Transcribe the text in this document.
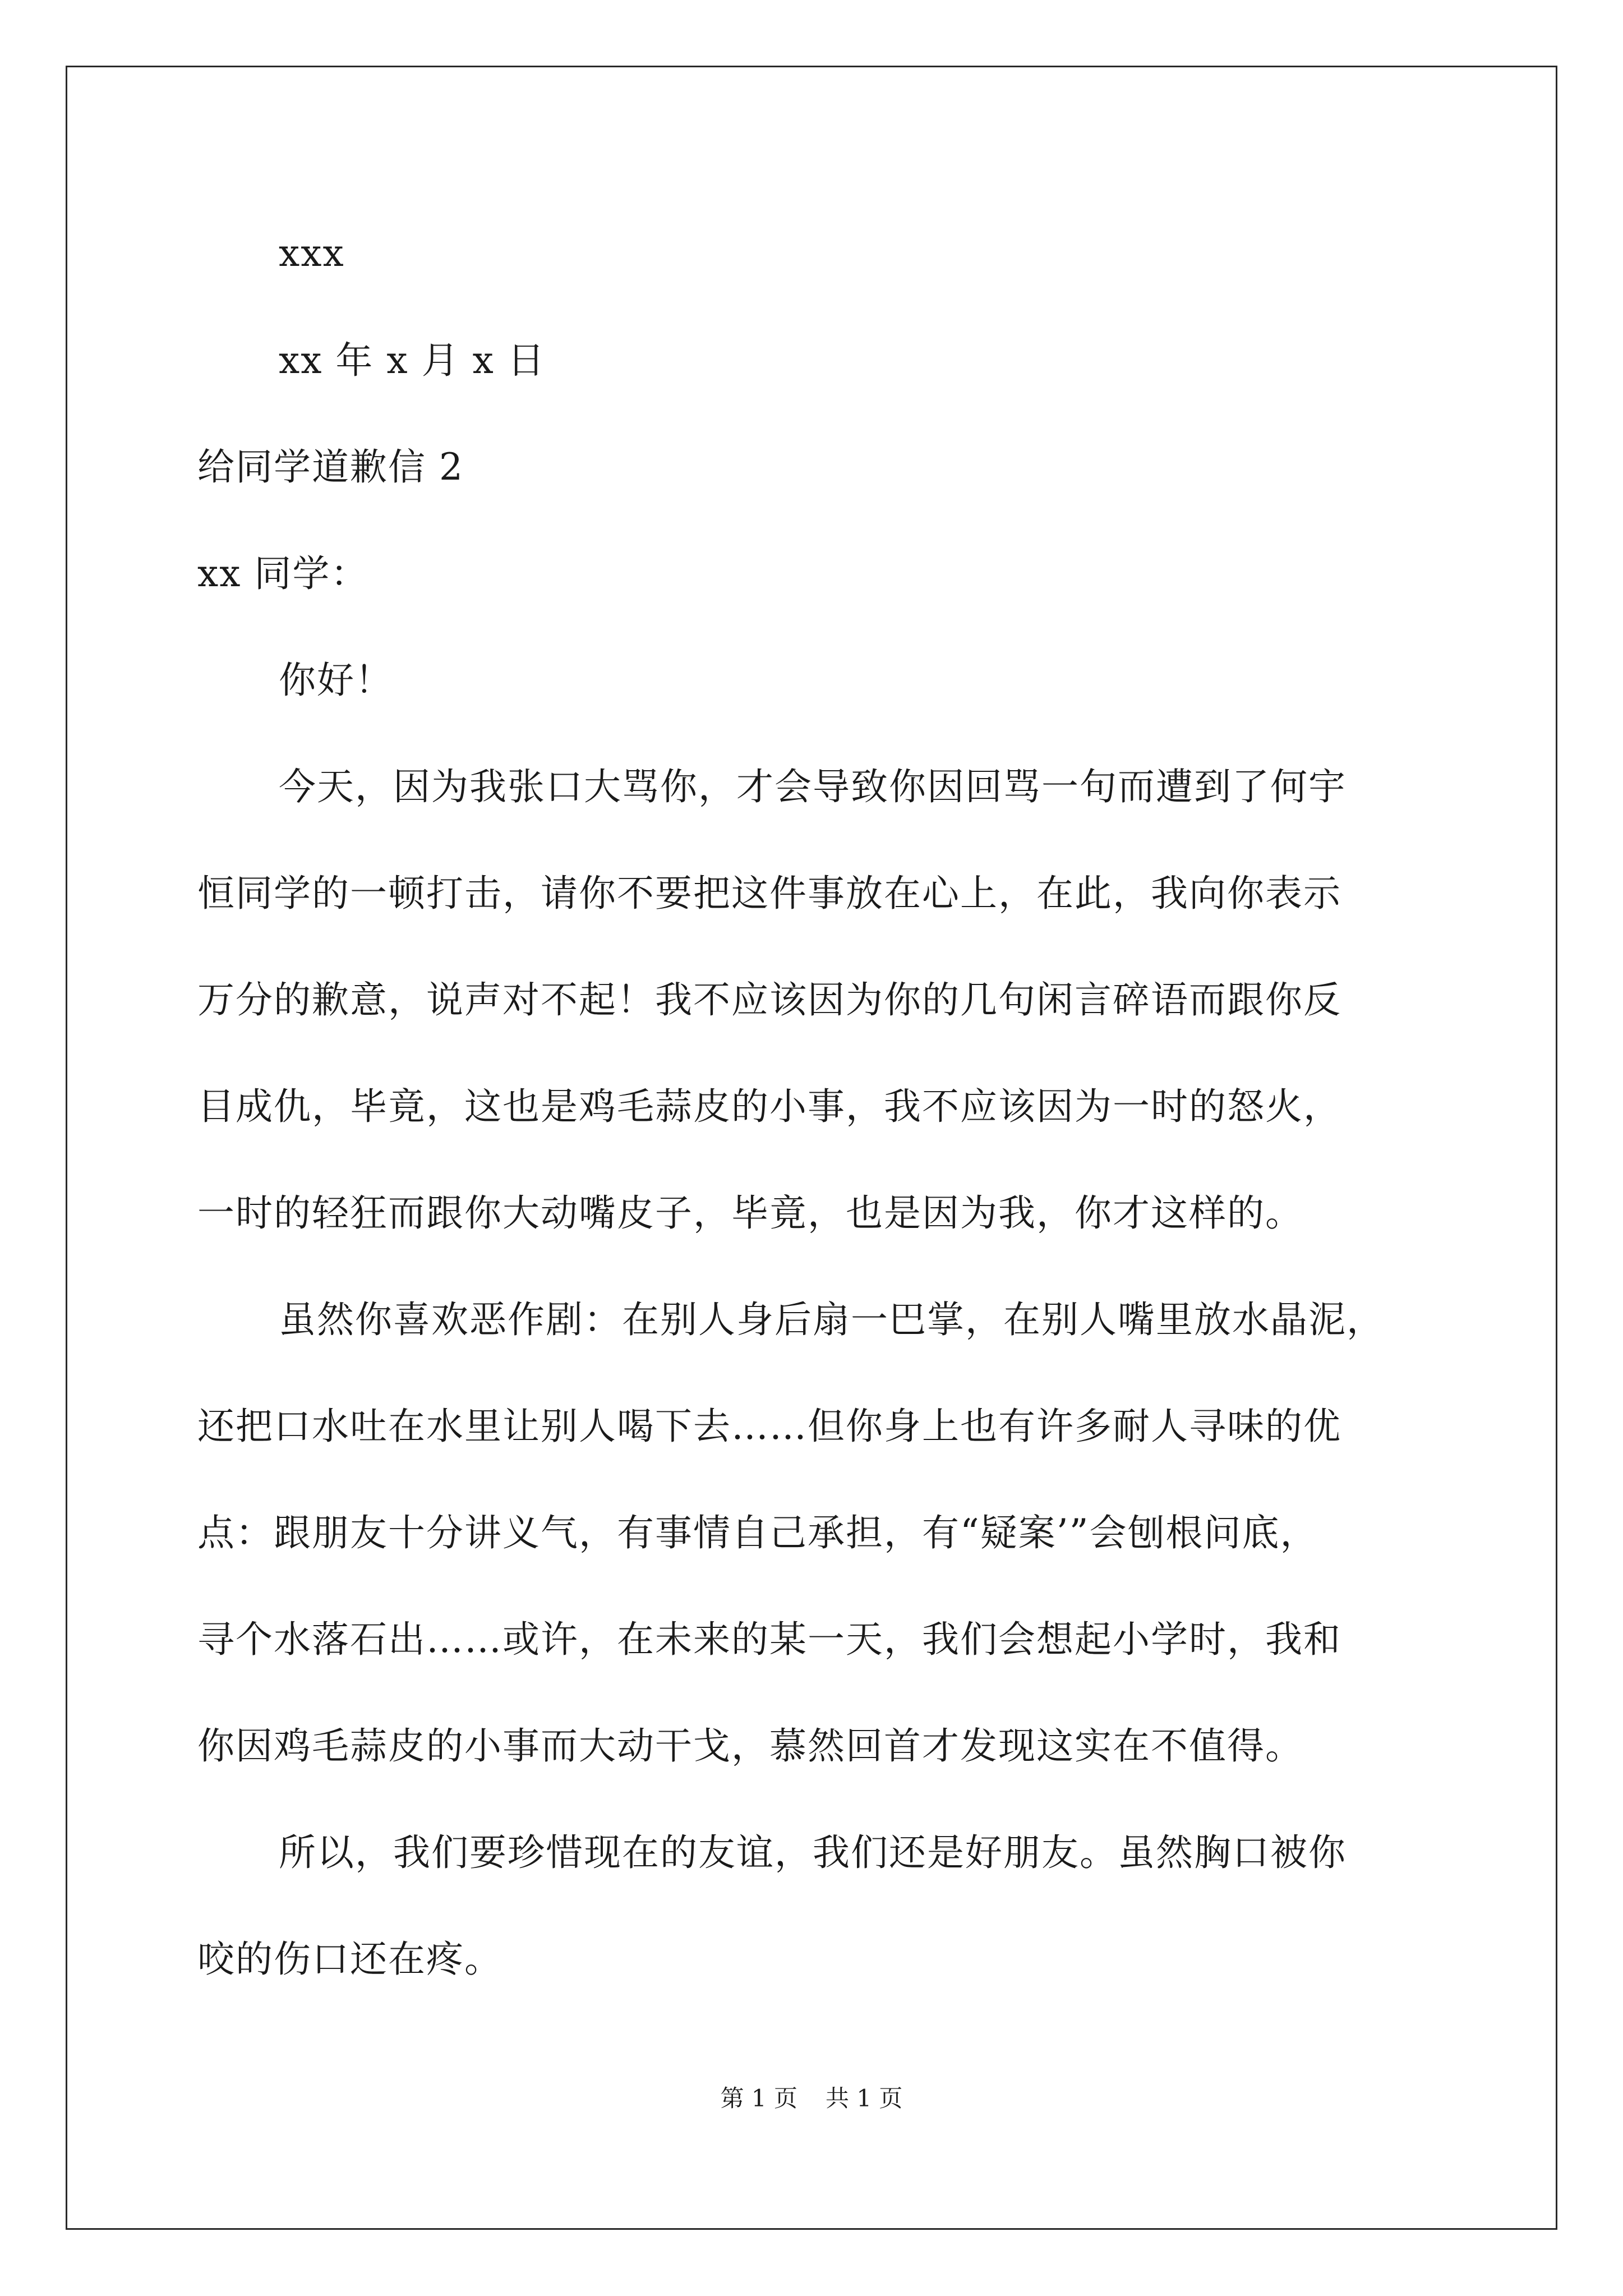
xxx
xx 年 x 月 x 日
给同学道歉信 2
xx 同学：
你好！
今天，因为我张口大骂你，才会导致你因回骂一句而遭到了何宇
恒同学的一顿打击，请你不要把这件事放在心上，在此，我向你表示
万分的歉意，说声对不起！我不应该因为你的几句闲言碎语而跟你反
目成仇，毕竟，这也是鸡毛蒜皮的小事，我不应该因为一时的怒火，
一时的轻狂而跟你大动嘴皮子，毕竟，也是因为我，你才这样的。
虽然你喜欢恶作剧：在别人身后扇一巴掌，在别人嘴里放水晶泥，
还把口水吐在水里让别人喝下去……但你身上也有许多耐人寻味的优
点：跟朋友十分讲义气，有事情自己承担，有“疑案’”会刨根问底，
寻个水落石出……或许，在未来的某一天，我们会想起小学时，我和
你因鸡毛蒜皮的小事而大动干戈，慕然回首才发现这实在不值得。
所以，我们要珍惜现在的友谊，我们还是好朋友。虽然胸口被你
咬的伤口还在疼。
第 1 页 共 1 页
